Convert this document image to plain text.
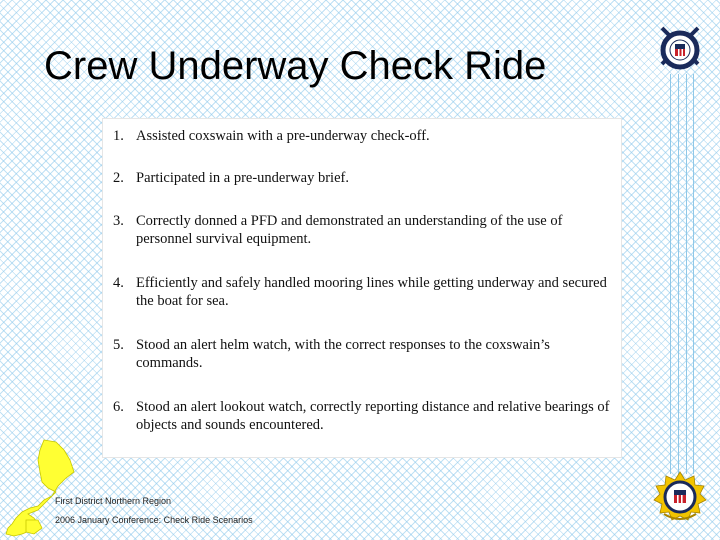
Crew Underway Check Ride
1. Assisted coxswain with a pre-underway check-off.
2. Participated in a pre-underway brief.
3. Correctly donned a PFD and demonstrated an understanding of the use of personnel survival equipment.
4. Efficiently and safely handled mooring lines while getting underway and secured the boat for sea.
5. Stood an alert helm watch, with the correct responses to the coxswain’s commands.
6. Stood an alert lookout watch, correctly reporting distance and relative bearings of objects and sounds encountered.
First District Northern Region
2006 January Conference: Check Ride Scenarios
